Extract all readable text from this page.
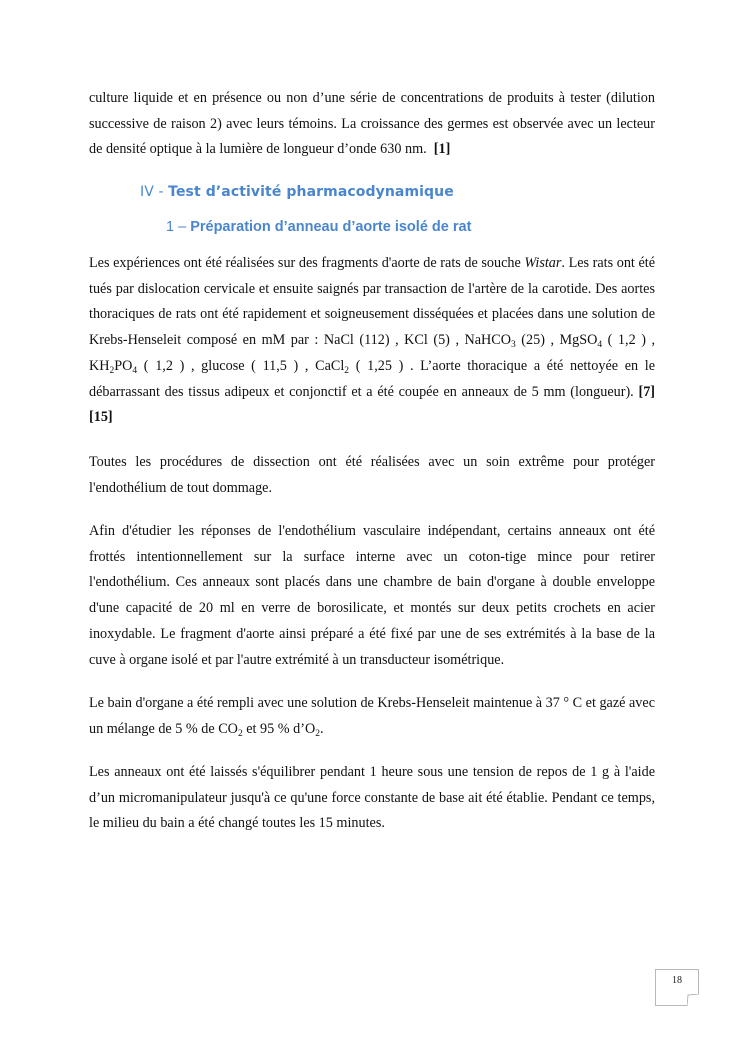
culture liquide et en présence ou non d’une série de concentrations de produits à tester (dilution successive de raison 2) avec leurs témoins. La croissance des germes est observée avec un lecteur de densité optique à la lumière de longueur d’onde 630 nm. [1]

IV - Test d’activité pharmacodynamique
1 – Préparation d’anneau d’aorte isolé de rat

Les expériences ont été réalisées sur des fragments d'aorte de rats de souche Wistar. Les rats ont été tués par dislocation cervicale et ensuite saignés par transaction de l'artère de la carotide. Des aortes thoraciques de rats ont été rapidement et soigneusement disséquées et placées dans une solution de Krebs-Henseleit composé en mM par : NaCl (112) , KCl (5) , NaHCO$_3$ (25) , MgSO$_4$ ( 1,2 ) , $KH_2PO_4$ ( 1,2 ) , glucose ( 11,5 ) , CaCl$_2$ ( 1,25 ) . L’aorte thoracique a été nettoyée en le débarrassant des tissus adipeux et conjonctif et a été coupée en anneaux de 5 mm (longueur). [7] [15]

Toutes les procédures de dissection ont été réalisées avec un soin extrême pour protéger l'endothélium de tout dommage.

Afin d'étudier les réponses de l'endothélium vasculaire indépendant, certains anneaux ont été frottés intentionnellement sur la surface interne avec un coton-tige mince pour retirer l'endothélium. Ces anneaux sont placés dans une chambre de bain d'organe à double enveloppe d'une capacité de 20 ml en verre de borosilicate, et montés sur deux petits crochets en acier inoxydable. Le fragment d'aorte ainsi préparé a été fixé par une de ses extrémités à la base de la cuve à organe isolé et par l'autre extrémité à un transducteur isométrique.

Le bain d'organe a été rempli avec une solution de Krebs-Henseleit maintenue à 37 ° C et gazé avec un mélange de 5 % de $CO_2$ et 95 % $d’O_2$.

Les anneaux ont été laissés s'équilibrer pendant 1 heure sous une tension de repos de 1 g à l'aide d’un micromanipulateur jusqu'à ce qu'une force constante de base ait été établie. Pendant ce temps, le milieu du bain a été changé toutes les 15 minutes.

18
